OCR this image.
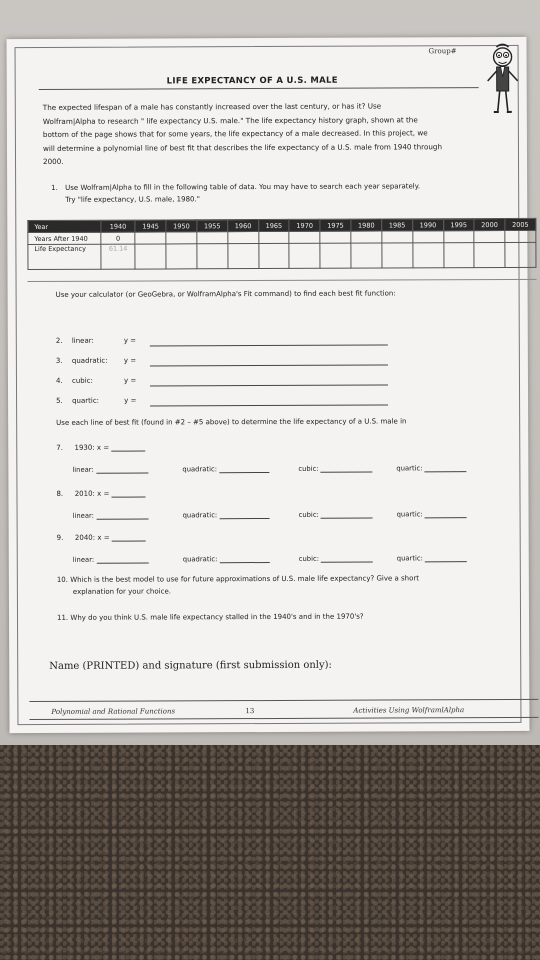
Group#
LIFE EXPECTANCY OF A U.S. MALE
The expected lifespan of a male has constantly increased over the last century, or has it? Use
Wolfram|Alpha to research " life expectancy U.S. male." The life expectancy history graph, shown at the
bottom of the page shows that for some years, the life expectancy of a male decreased. In this project, we
will determine a polynomial line of best fit that describes the life expectancy of a U.S. male from 1940 through
2000.
1. Use Wolfram|Alpha to fill in the following table of data. You may have to search each year separately.
Try "life expectancy, U.S. male, 1980."
Year	1940	1945	1950	1955	1960	1965	1970	1975	1980	1985	1990	1995	2000	2005
Years After 1940	0													
Life Expectancy	61.14													
Use your calculator (or GeoGebra, or WolframAlpha's Fit command) to find each best fit function:
2. linear:	y =
3. quadratic: y =
4. cubic:	y =
5. quartic:	y =
Use each line of best fit (found in #2 – #5 above) to determine the life expectancy of a U.S. male in
7. 1930: x =
linear:	quadratic:	cubic:	quartic:
8. 2010: x =
linear:	quadratic:	cubic:	quartic:
9. 2040: x =
linear:	quadratic:	cubic:	quartic:
10. Which is the best model to use for future approximations of U.S. male life expectancy? Give a short
explanation for your choice.
11. Why do you think U.S. male life expectancy stalled in the 1940's and in the 1970's?
Name (PRINTED) and signature (first submission only):
Polynomial and Rational Functions	13	Activities Using WolframlAlpha
